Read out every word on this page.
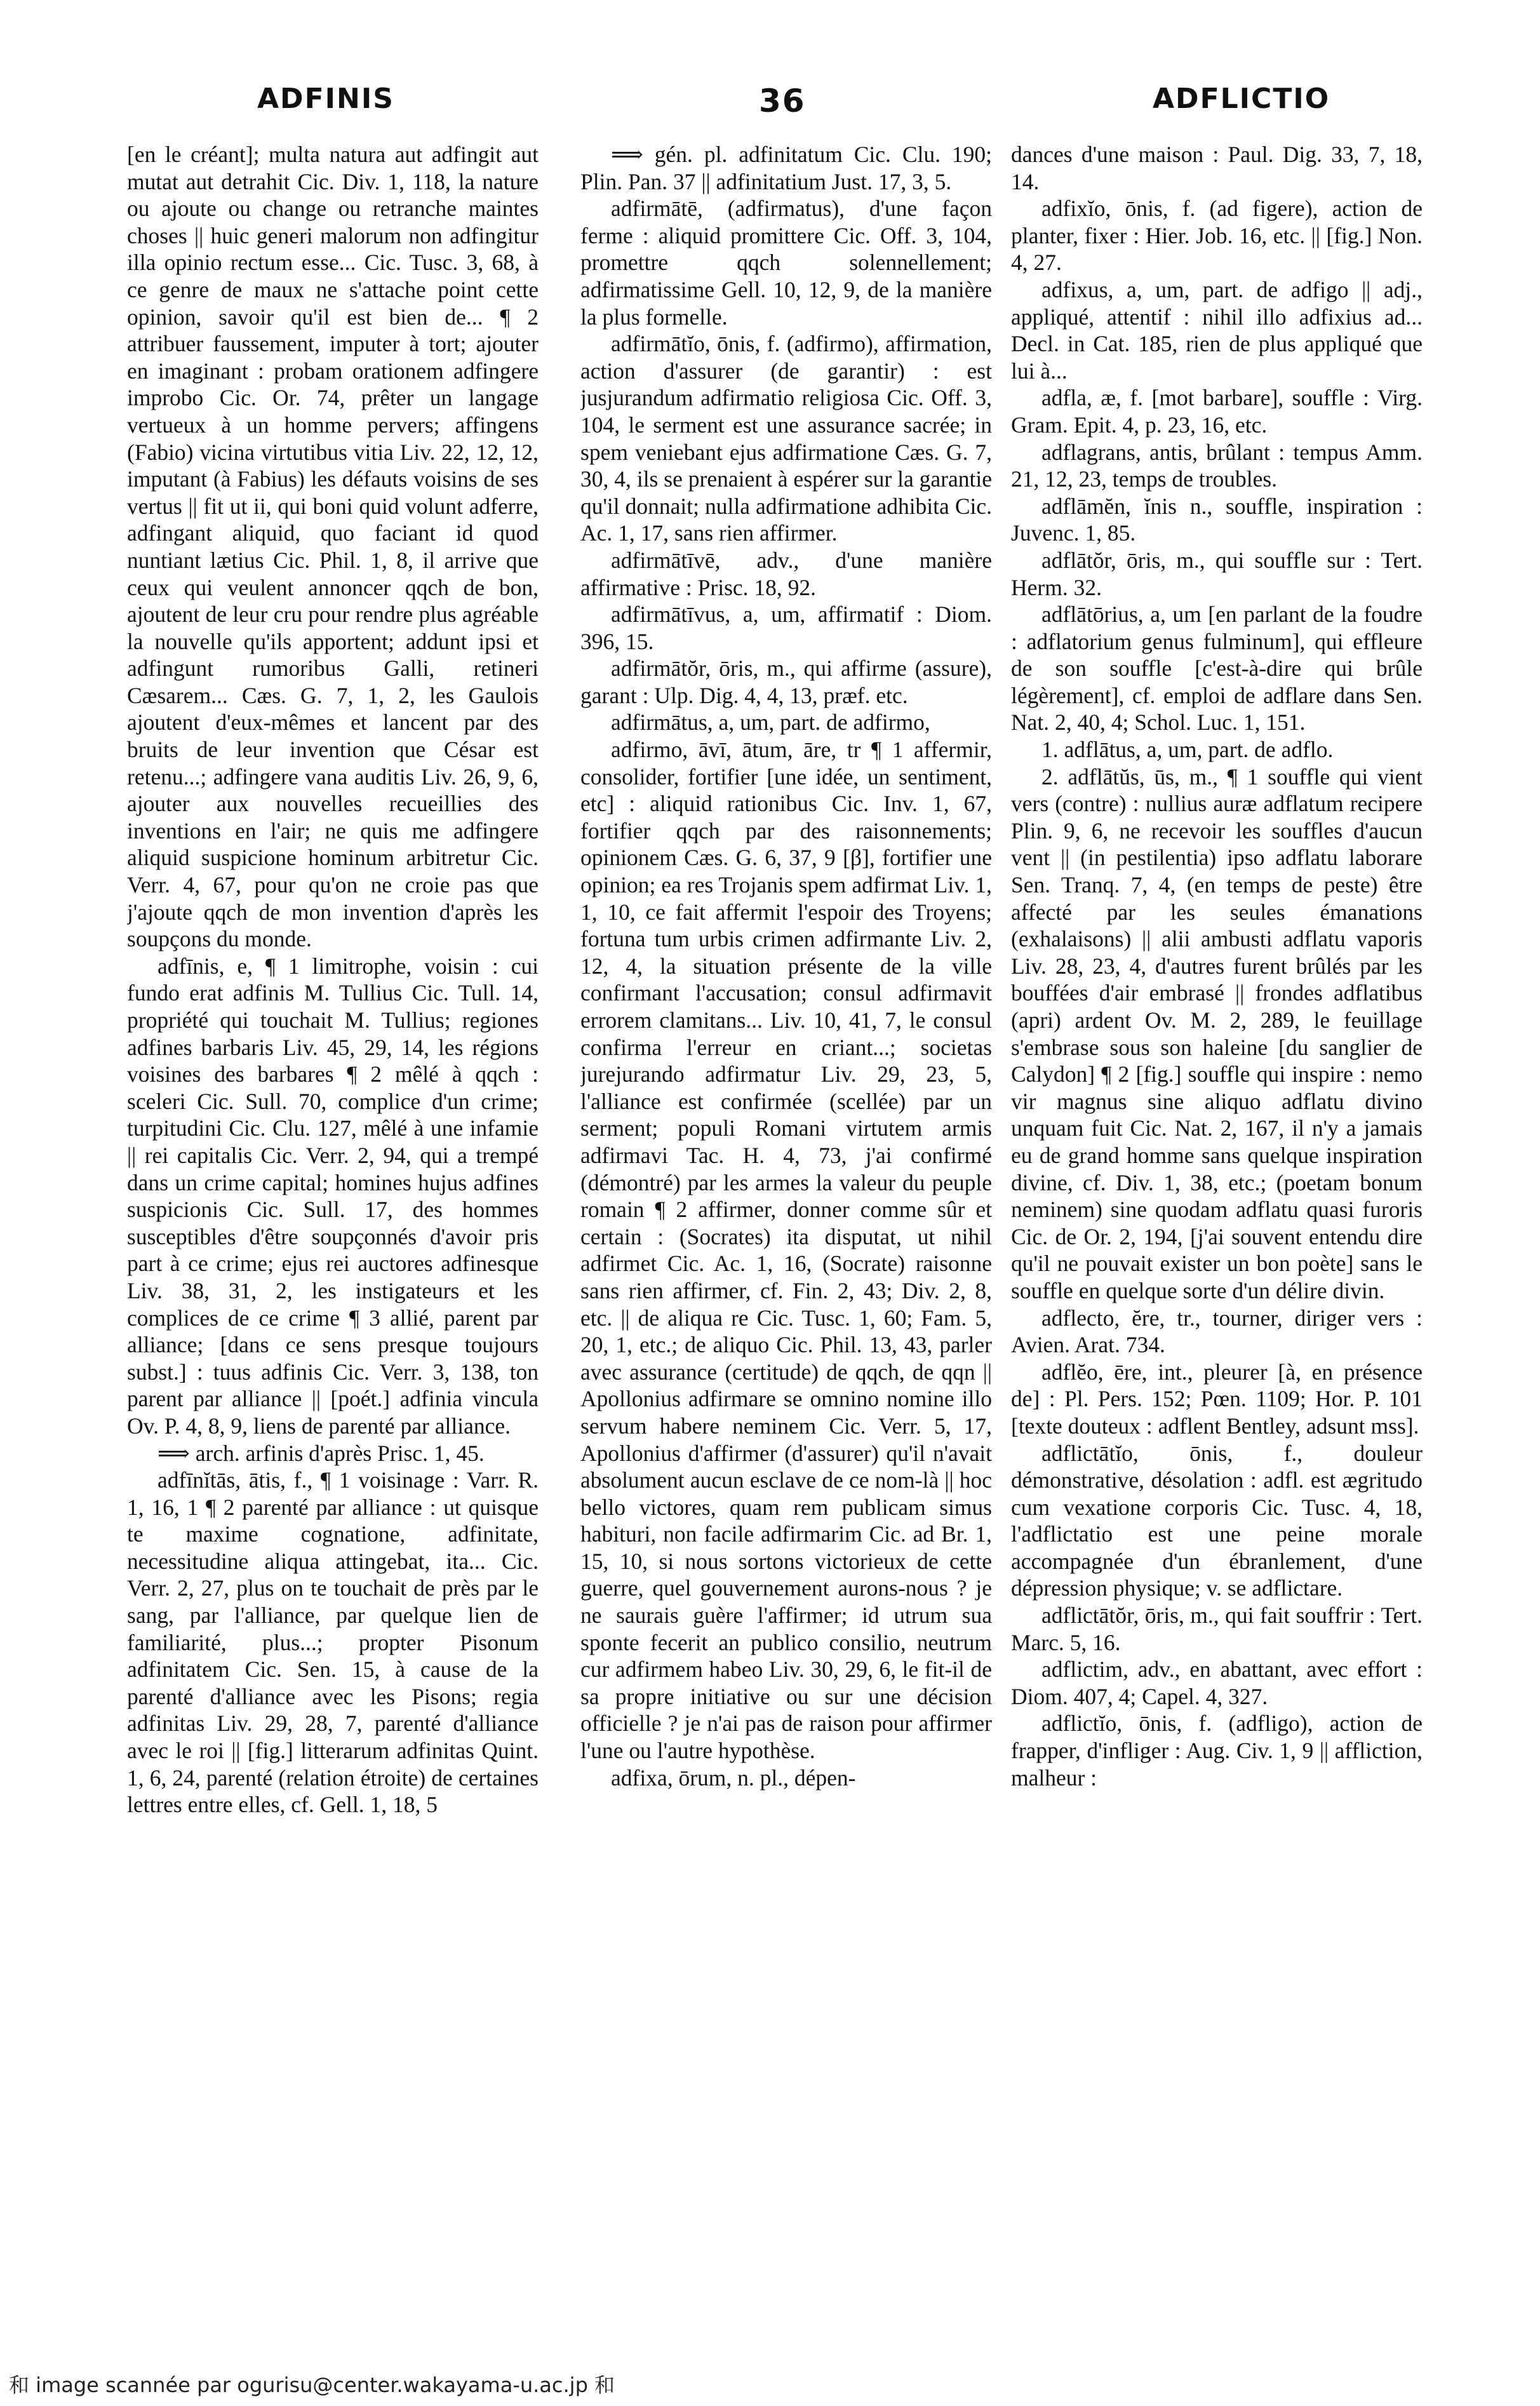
ADFINIS	36	ADFLICTIO

[en le créant]; multa natura aut adfingit aut mutat aut detrahit Cic. Div. 1, 118, la nature ou ajoute ou change ou retranche maintes choses || huic generi malorum non adfingitur illa opinio rectum esse... Cic. Tusc. 3, 68, à ce genre de maux ne s'attache point cette opinion, savoir qu'il est bien de... ¶ 2 attribuer faussement, imputer à tort; ajouter en imaginant : probam orationem adfingere improbo Cic. Or. 74, prêter un langage vertueux à un homme pervers; affingens (Fabio) vicina virtutibus vitia Liv. 22, 12, 12, imputant (à Fabius) les défauts voisins de ses vertus || fit ut ii, qui boni quid volunt adferre, adfingant aliquid, quo faciant id quod nuntiant lætius Cic. Phil. 1, 8, il arrive que ceux qui veulent annoncer qqch de bon, ajoutent de leur cru pour rendre plus agréable la nouvelle qu'ils apportent; addunt ipsi et adfingunt rumoribus Galli, retineri Cæsarem... Cæs. G. 7, 1, 2, les Gaulois ajoutent d'eux-mêmes et lancent par des bruits de leur invention que César est retenu...; adfingere vana auditis Liv. 26, 9, 6, ajouter aux nouvelles recueillies des inventions en l'air; ne quis me adfingere aliquid suspicione hominum arbitretur Cic. Verr. 4, 67, pour qu'on ne croie pas que j'ajoute qqch de mon invention d'après les soupçons du monde.

adfīnis, e, ¶ 1 limitrophe, voisin : cui fundo erat adfinis M. Tullius Cic. Tull. 14, propriété qui touchait M. Tullius; regiones adfines barbaris Liv. 45, 29, 14, les régions voisines des barbares ¶ 2 mêlé à qqch : sceleri Cic. Sull. 70, complice d'un crime; turpitudini Cic. Clu. 127, mêlé à une infamie || rei capitalis Cic. Verr. 2, 94, qui a trempé dans un crime capital; homines hujus adfines suspicionis Cic. Sull. 17, des hommes susceptibles d'être soupçonnés d'avoir pris part à ce crime; ejus rei auctores adfinesque Liv. 38, 31, 2, les instigateurs et les complices de ce crime ¶ 3 allié, parent par alliance; [dans ce sens presque toujours subst.] : tuus adfinis Cic. Verr. 3, 138, ton parent par alliance || [poét.] adfinia vincula Ov. P. 4, 8, 9, liens de parenté par alliance.

⟹ arch. arfinis d'après Prisc. 1, 45.

adfīnĭtās, ātis, f., ¶ 1 voisinage : Varr. R. 1, 16, 1 ¶ 2 parenté par alliance : ut quisque te maxime cognatione, adfinitate, necessitudine aliqua attingebat, ita... Cic. Verr. 2, 27, plus on te touchait de près par le sang, par l'alliance, par quelque lien de familiarité, plus...; propter Pisonum adfinitatem Cic. Sen. 15, à cause de la parenté d'alliance avec les Pisons; regia adfinitas Liv. 29, 28, 7, parenté d'alliance avec le roi || [fig.] litterarum adfinitas Quint. 1, 6, 24, parenté (relation étroite) de certaines lettres entre elles, cf. Gell. 1, 18, 5

⟹ gén. pl. adfinitatum Cic. Clu. 190; Plin. Pan. 37 || adfinitatium Just. 17, 3, 5.

adfirmātē, (adfirmatus), d'une façon ferme : aliquid promittere Cic. Off. 3, 104, promettre qqch solennellement; adfirmatissime Gell. 10, 12, 9, de la manière la plus formelle.

adfirmātĭo, ōnis, f. (adfirmo), affirmation, action d'assurer (de garantir) : est jusjurandum adfirmatio religiosa Cic. Off. 3, 104, le serment est une assurance sacrée; in spem veniebant ejus adfirmatione Cæs. G. 7, 30, 4, ils se prenaient à espérer sur la garantie qu'il donnait; nulla adfirmatione adhibita Cic. Ac. 1, 17, sans rien affirmer.

adfirmātīvē, adv., d'une manière affirmative : Prisc. 18, 92.

adfirmātīvus, a, um, affirmatif : Diom. 396, 15.

adfirmātŏr, ōris, m., qui affirme (assure), garant : Ulp. Dig. 4, 4, 13, præf. etc.

adfirmātus, a, um, part. de adfirmo,

adfirmo, āvī, ātum, āre, tr ¶ 1 affermir, consolider, fortifier [une idée, un sentiment, etc] : aliquid rationibus Cic. Inv. 1, 67, fortifier qqch par des raisonnements; opinionem Cæs. G. 6, 37, 9 [β], fortifier une opinion; ea res Trojanis spem adfirmat Liv. 1, 1, 10, ce fait affermit l'espoir des Troyens; fortuna tum urbis crimen adfirmante Liv. 2, 12, 4, la situation présente de la ville confirmant l'accusation; consul adfirmavit errorem clamitans... Liv. 10, 41, 7, le consul confirma l'erreur en criant...; societas jurejurando adfirmatur Liv. 29, 23, 5, l'alliance est confirmée (scellée) par un serment; populi Romani virtutem armis adfirmavi Tac. H. 4, 73, j'ai confirmé (démontré) par les armes la valeur du peuple romain ¶ 2 affirmer, donner comme sûr et certain : (Socrates) ita disputat, ut nihil adfirmet Cic. Ac. 1, 16, (Socrate) raisonne sans rien affirmer, cf. Fin. 2, 43; Div. 2, 8, etc. || de aliqua re Cic. Tusc. 1, 60; Fam. 5, 20, 1, etc.; de aliquo Cic. Phil. 13, 43, parler avec assurance (certitude) de qqch, de qqn || Apollonius adfirmare se omnino nomine illo servum habere neminem Cic. Verr. 5, 17, Apollonius d'affirmer (d'assurer) qu'il n'avait absolument aucun esclave de ce nom-là || hoc bello victores, quam rem publicam simus habituri, non facile adfirmarim Cic. ad Br. 1, 15, 10, si nous sortons victorieux de cette guerre, quel gouvernement aurons-nous ? je ne saurais guère l'affirmer; id utrum sua sponte fecerit an publico consilio, neutrum cur adfirmem habeo Liv. 30, 29, 6, le fit-il de sa propre initiative ou sur une décision officielle ? je n'ai pas de raison pour affirmer l'une ou l'autre hypothèse.

adfixa, ōrum, n. pl., dépen-

dances d'une maison : Paul. Dig. 33, 7, 18, 14.

adfixĭo, ōnis, f. (ad figere), action de planter, fixer : Hier. Job. 16, etc. || [fig.] Non. 4, 27.

adfixus, a, um, part. de adfigo || adj., appliqué, attentif : nihil illo adfixius ad... Decl. in Cat. 185, rien de plus appliqué que lui à...

adfla, æ, f. [mot barbare], souffle : Virg. Gram. Epit. 4, p. 23, 16, etc.

adflagrans, antis, brûlant : tempus Amm. 21, 12, 23, temps de troubles.

adflāmĕn, ĭnis n., souffle, inspiration : Juvenc. 1, 85.

adflātŏr, ōris, m., qui souffle sur : Tert. Herm. 32.

adflātōrius, a, um [en parlant de la foudre : adflatorium genus fulminum], qui effleure de son souffle [c'est-à-dire qui brûle légèrement], cf. emploi de adflare dans Sen. Nat. 2, 40, 4; Schol. Luc. 1, 151.

1. adflātus, a, um, part. de adflo.

2. adflātŭs, ūs, m., ¶ 1 souffle qui vient vers (contre) : nullius auræ adflatum recipere Plin. 9, 6, ne recevoir les souffles d'aucun vent || (in pestilentia) ipso adflatu laborare Sen. Tranq. 7, 4, (en temps de peste) être affecté par les seules émanations (exhalaisons) || alii ambusti adflatu vaporis Liv. 28, 23, 4, d'autres furent brûlés par les bouffées d'air embrasé || frondes adflatibus (apri) ardent Ov. M. 2, 289, le feuillage s'embrase sous son haleine [du sanglier de Calydon] ¶ 2 [fig.] souffle qui inspire : nemo vir magnus sine aliquo adflatu divino unquam fuit Cic. Nat. 2, 167, il n'y a jamais eu de grand homme sans quelque inspiration divine, cf. Div. 1, 38, etc.; (poetam bonum neminem) sine quodam adflatu quasi furoris Cic. de Or. 2, 194, [j'ai souvent entendu dire qu'il ne pouvait exister un bon poète] sans le souffle en quelque sorte d'un délire divin.

adflecto, ĕre, tr., tourner, diriger vers : Avien. Arat. 734.

adflĕo, ēre, int., pleurer [à, en présence de] : Pl. Pers. 152; Pœn. 1109; Hor. P. 101 [texte douteux : adflent Bentley, adsunt mss].

adflictātĭo, ōnis, f., douleur démonstrative, désolation : adfl. est ægritudo cum vexatione corporis Cic. Tusc. 4, 18, l'adflictatio est une peine morale accompagnée d'un ébranlement, d'une dépression physique; v. se adflictare.

adflictātŏr, ōris, m., qui fait souffrir : Tert. Marc. 5, 16.

adflictim, adv., en abattant, avec effort : Diom. 407, 4; Capel. 4, 327.

adflictĭo, ōnis, f. (adfligo), action de frapper, d'infliger : Aug. Civ. 1, 9 || affliction, malheur :

和 image scannée par ogurisu@center.wakayama-u.ac.jp 和
